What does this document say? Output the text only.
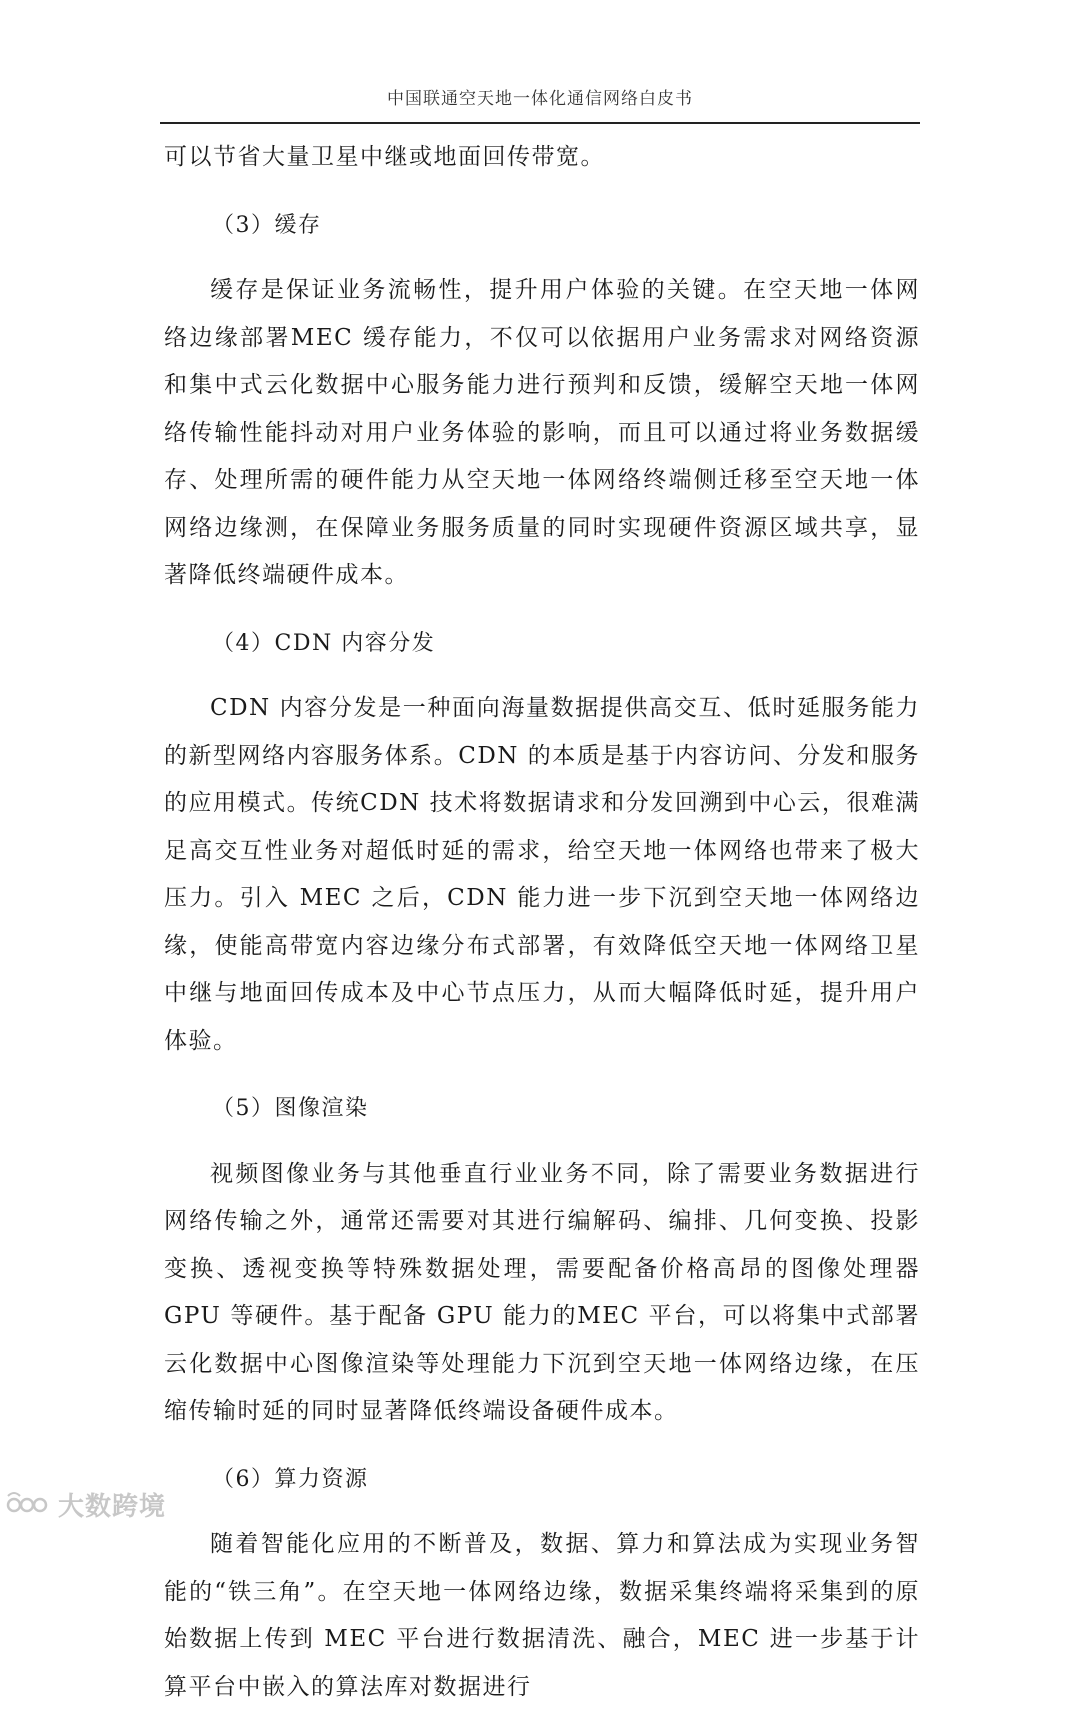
中国联通空天地一体化通信网络白皮书

可以节省大量卫星中继或地面回传带宽。

（3）缓存

缓存是保证业务流畅性，提升用户体验的关键。在空天地一体网络边缘部署MEC 缓存能力，不仅可以依据用户业务需求对网络资源和集中式云化数据中心服务能力进行预判和反馈，缓解空天地一体网络传输性能抖动对用户业务体验的影响，而且可以通过将业务数据缓存、处理所需的硬件能力从空天地一体网络终端侧迁移至空天地一体网络边缘测，在保障业务服务质量的同时实现硬件资源区域共享，显著降低终端硬件成本。

（4）CDN 内容分发

CDN 内容分发是一种面向海量数据提供高交互、低时延服务能力的新型网络内容服务体系。CDN 的本质是基于内容访问、分发和服务的应用模式。传统CDN 技术将数据请求和分发回溯到中心云，很难满足高交互性业务对超低时延的需求，给空天地一体网络也带来了极大压力。引入 MEC 之后，CDN 能力进一步下沉到空天地一体网络边缘，使能高带宽内容边缘分布式部署，有效降低空天地一体网络卫星中继与地面回传成本及中心节点压力，从而大幅降低时延，提升用户体验。

（5）图像渲染

视频图像业务与其他垂直行业业务不同，除了需要业务数据进行网络传输之外，通常还需要对其进行编解码、编排、几何变换、投影变换、透视变换等特殊数据处理，需要配备价格高昂的图像处理器 GPU 等硬件。基于配备 GPU 能力的MEC 平台，可以将集中式部署云化数据中心图像渲染等处理能力下沉到空天地一体网络边缘，在压缩传输时延的同时显著降低终端设备硬件成本。

（6）算力资源

随着智能化应用的不断普及，数据、算力和算法成为实现业务智能的“铁三角”。在空天地一体网络边缘，数据采集终端将采集到的原始数据上传到 MEC 平台进行数据清洗、融合，MEC 进一步基于计算平台中嵌入的算法库对数据进行

大数跨境
